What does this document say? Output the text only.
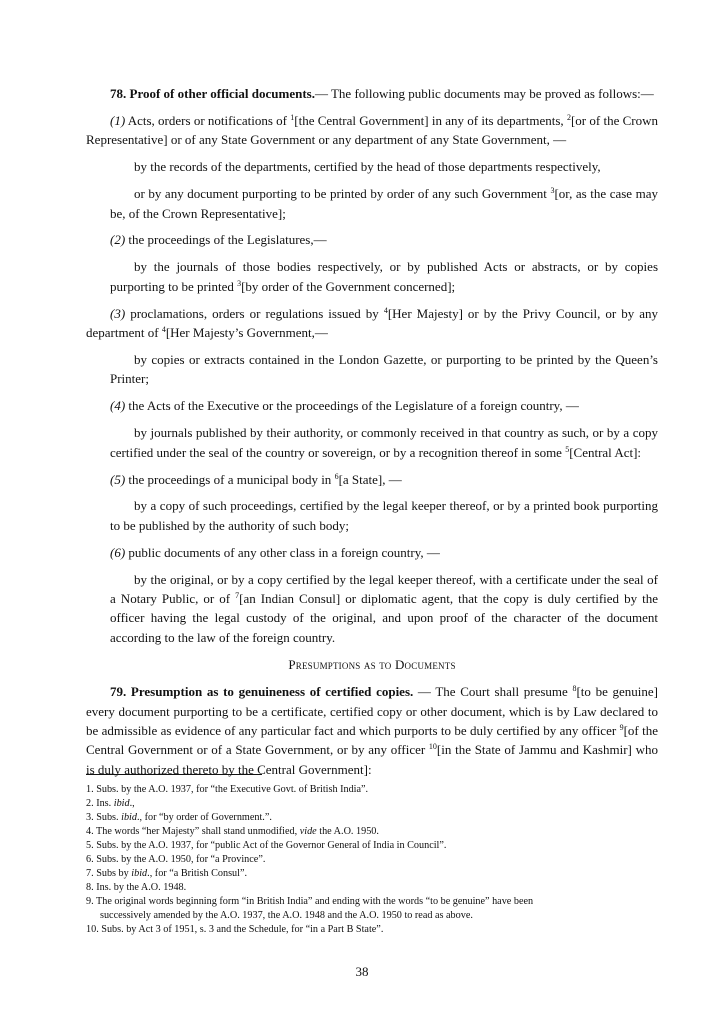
78. Proof of other official documents.— The following public documents may be proved as follows:—

(1) Acts, orders or notifications of $^1$[the Central Government] in any of its departments, $^2$[or of the Crown Representative] or of any State Government or any department of any State Government, —

by the records of the departments, certified by the head of those departments respectively,

or by any document purporting to be printed by order of any such Government $^3$[or, as the case may be, of the Crown Representative];

(2) the proceedings of the Legislatures,—

by the journals of those bodies respectively, or by published Acts or abstracts, or by copies purporting to be printed $^3$[by order of the Government concerned];

(3) proclamations, orders or regulations issued by $^4$[Her Majesty] or by the Privy Council, or by any department of $^4$[Her Majesty’s Government,—

by copies or extracts contained in the London Gazette, or purporting to be printed by the Queen’s Printer;

(4) the Acts of the Executive or the proceedings of the Legislature of a foreign country, —

by journals published by their authority, or commonly received in that country as such, or by a copy certified under the seal of the country or sovereign, or by a recognition thereof in some $^5$[Central Act]:

(5) the proceedings of a municipal body in $^6$[a State], —

by a copy of such proceedings, certified by the legal keeper thereof, or by a printed book purporting to be published by the authority of such body;

(6) public documents of any other class in a foreign country, —

by the original, or by a copy certified by the legal keeper thereof, with a certificate under the seal of a Notary Public, or of $^7$[an Indian Consul] or diplomatic agent, that the copy is duly certified by the officer having the legal custody of the original, and upon proof of the character of the document according to the law of the foreign country.

Presumptions as to Documents

79. Presumption as to genuineness of certified copies. — The Court shall presume $^8$[to be genuine] every document purporting to be a certificate, certified copy or other document, which is by Law declared to be admissible as evidence of any particular fact and which purports to be duly certified by any officer $^9$[of the Central Government or of a State Government, or by any officer $^{10}$[in the State of Jammu and Kashmir] who is duly authorized thereto by the Central Government]:

1. Subs. by the A.O. 1937, for “the Executive Govt. of British India”.

2. Ins. ibid.,

3. Subs. ibid., for “by order of Government.”.

4. The words “her Majesty” shall stand unmodified, vide the A.O. 1950.

5. Subs. by the A.O. 1937, for “public Act of the Governor General of India in Council”.

6. Subs. by the A.O. 1950, for “a Province”.

7. Subs by ibid., for “a British Consul”.

8. Ins. by the A.O. 1948.

9. The original words beginning form “in British India” and ending with the words “to be genuine” have been

successively amended by the A.O. 1937, the A.O. 1948 and the A.O. 1950 to read as above.

10. Subs. by Act 3 of 1951, s. 3 and the Schedule, for “in a Part B State”.

38
